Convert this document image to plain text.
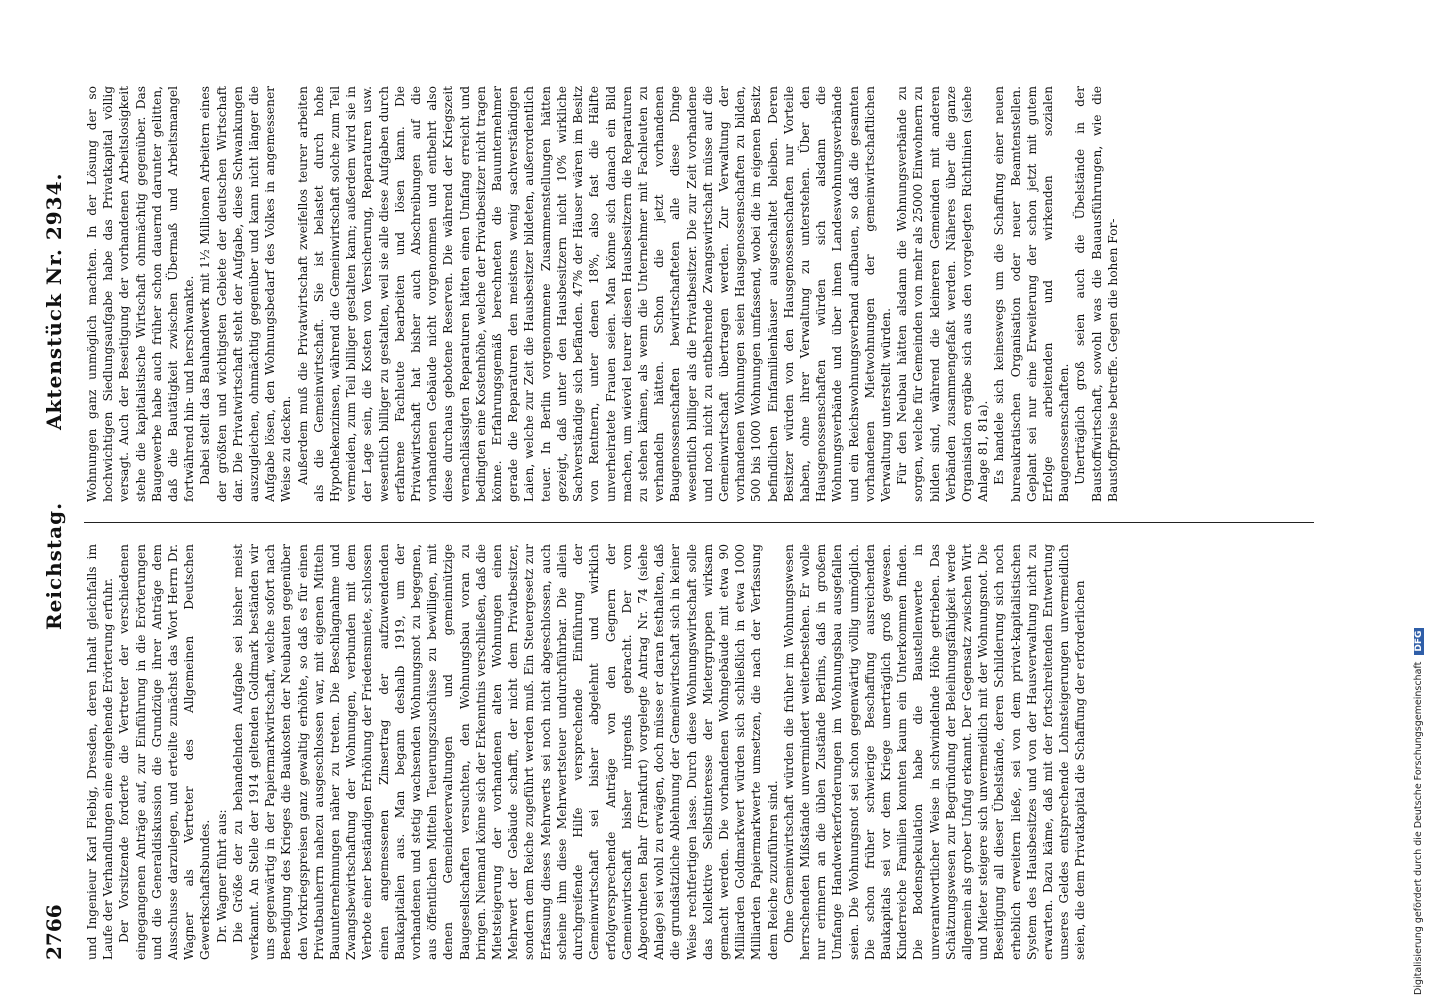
2766
Reichstag.
Aktenstück Nr. 2934.

und Ingenieur Karl Fiebig, Dresden, deren Inhalt gleichfalls im Laufe der Verhandlungen eine eingehende Erörterung erfuhr. Der Vorsitzende forderte die Vertreter der verschiedenen eingegangenen Anträge auf, zur Einführung in die Erörterungen und die Generaldiskussion die Grundzüge ihrer Anträge dem Ausschusse darzulegen, und erteilte zunächst das Wort Herrn Dr. Wagner als Vertreter des Allgemeinen Deutschen Gewerkschaftsbundes. Dr. Wagner führt aus: Die Größe der zu behandelnden Aufgabe sei bisher meist verkannt. An Stelle der 1914 geltenden Goldmark beständen wir uns gegenwärtig in der Papiermarkwirtschaft, welche sofort nach Beendigung des Krieges die Baukosten der Neubauten gegenüber den Vorkriegspreisen ganz gewaltig erhöhte, so daß es für einen Privatbauherrn nahezu ausgeschlossen war, mit eigenen Mitteln Bauunternehmungen näher zu treten. Die Beschlagnahme und Zwangsbewirtschaftung der Wohnungen, verbunden mit dem Verbote einer beständigen Erhöhung der Friedensmiete, schlossen einen angemessenen Zinsertrag der aufzuwendenden Baukapitalien aus. Man begann deshalb 1919, um der vorhandenen und stetig wachsenden Wohnungsnot zu begegnen, aus öffentlichen Mitteln Teuerungszuschüsse zu bewilligen, mit denen Gemeindeverwaltungen und gemeinnützige Baugesellschaften versuchten, den Wohnungsbau voran zu bringen. Niemand könne sich der Erkenntnis verschließen, daß die Mietsteigerung der vorhandenen alten Wohnungen einen Mehrwert der Gebäude schafft, der nicht dem Privatbesitzer, sondern dem Reiche zugeführt werden muß. Ein Steuergesetz zur Erfassung dieses Mehrwerts sei noch nicht abgeschlossen, auch scheine ihm diese Mehrwertsteuer undurchführbar. Die allein durchgreifende Hilfe versprechende Einführung der Gemeinwirtschaft sei bisher abgelehnt und wirklich erfolgversprechende Anträge von den Gegnern der Gemeinwirtschaft bisher nirgends gebracht. Der vom Abgeordneten Bahr (Frankfurt) vorgelegte Antrag Nr. 74 (siehe Anlage) sei wohl zu erwägen, doch müsse er daran festhalten, daß die grundsätzliche Ablehnung der Gemeinwirtschaft sich in keiner Weise rechtfertigen lasse. Durch diese Wohnungswirtschaft solle das kollektive Selbstinteresse der Mietergruppen wirksam gemacht werden. Die vorhandenen Wohngebäude mit etwa 90 Milliarden Goldmarkwert würden sich schließlich in etwa 1000 Milliarden Papiermarkwerte umsetzen, die nach der Verfassung dem Reiche zuzuführen sind. Ohne Gemeinwirtschaft würden die früher im Wohnungswesen herrschenden Mißstände unvermindert weiterbestehen. Er wolle nur erinnern an die üblen Zustände Berlins, daß in großem Umfange Handwerkerforderungen im Wohnungsbau ausgefallen seien. Die Wohnungsnot sei schon gegenwärtig völlig unmöglich. Die schon früher schwierige Beschaffung ausreichenden Baukapitals sei vor dem Kriege unerträglich groß gewesen. Kinderreiche Familien konnten kaum ein Unterkommen finden. Die Bodenspekulation habe die Baustellenwerte in unverantwortlicher Weise in schwindelnde Höhe getrieben. Das Schätzungswesen zur Begründung der Beleihungsfähigkeit werde allgemein als grober Unfug erkannt. Der Gegensatz zwischen Wirt und Mieter steigere sich unvermeidlich mit der Wohnungsnot. Die Beseitigung all dieser Übelstände, deren Schilderung sich noch erheblich erweitern ließe, sei von dem privat-kapitalistischen System des Hausbesitzes und von der Hausverwaltung nicht zu erwarten. Dazu käme, daß mit der fortschreitenden Entwertung unseres Geldes entsprechende Lohnsteigerungen unvermeidlich seien, die dem Privatkapital die Schaffung der erforderlichen

Wohnungen ganz unmöglich machten. In der Lösung der so hochwichtigen Siedlungsaufgabe habe das Privatkapital völlig versagt. Auch der Beseitigung der vorhandenen Arbeitslosigkeit stehe die kapitalistische Wirtschaft ohnmächtig gegenüber. Das Baugewerbe habe auch früher schon dauernd darunter gelitten, daß die Bautätigkeit zwischen Übermaß und Arbeitsmangel fortwährend hin- und herschwankte. Dabei stellt das Bauhandwerk mit 1½ Millionen Arbeitern eines der größten und wichtigsten Gebiete der deutschen Wirtschaft dar. Die Privatwirtschaft steht der Aufgabe, diese Schwankungen auszugleichen, ohnmächtig gegenüber und kann nicht länger die Aufgabe lösen, den Wohnungsbedarf des Volkes in angemessener Weise zu decken. Außerdem muß die Privatwirtschaft zweifellos teurer arbeiten als die Gemeinwirtschaft. Sie ist belastet durch hohe Hypothekenzinsen, während die Gemeinwirtschaft solche zum Teil vermeiden, zum Teil billiger gestalten kann; außerdem wird sie in der Lage sein, die Kosten von Versicherung, Reparaturen usw. wesentlich billiger zu gestalten, weil sie alle diese Aufgaben durch erfahrene Fachleute bearbeiten und lösen kann. Die Privatwirtschaft hat bisher auch Abschreibungen auf die vorhandenen Gebäude nicht vorgenommen und entbehrt also diese durchaus gebotene Reserven. Die während der Kriegszeit vernachlässigten Reparaturen hätten einen Umfang erreicht und bedingten eine Kostenhöhe, welche der Privatbesitzer nicht tragen könne. Erfahrungsgemäß berechneten die Bauunternehmer gerade die Reparaturen den meistens wenig sachverständigen Laien, welche zur Zeit die Hausbesitzer bildeten, außerordentlich teuer. In Berlin vorgenommene Zusammenstellungen hätten gezeigt, daß unter den Hausbesitzern nicht 10% wirkliche Sachverständige sich befänden. 47% der Häuser wären im Besitz von Rentnern, unter denen 18%, also fast die Hälfte unverheiratete Frauen seien. Man könne sich danach ein Bild machen, um wieviel teurer diesen Hausbesitzern die Reparaturen zu stehen kämen, als wenn die Unternehmer mit Fachleuten zu verhandeln hätten. Schon die jetzt vorhandenen Baugenossenschaften bewirtschafteten alle diese Dinge wesentlich billiger als die Privatbesitzer. Die zur Zeit vorhandene und noch nicht zu entbehrende Zwangswirtschaft müsse auf die Gemeinwirtschaft übertragen werden. Zur Verwaltung der vorhandenen Wohnungen seien Hausgenossenschaften zu bilden, 500 bis 1000 Wohnungen umfassend, wobei die im eigenen Besitz befindlichen Einfamilienhäuser ausgeschaltet bleiben. Deren Besitzer würden von den Hausgenossenschaften nur Vorteile haben, ohne ihrer Verwaltung zu unterstehen. Über den Hausgenossenschaften würden sich alsdann die Wohnungsverbände und über ihnen Landeswohnungsverbände und ein Reichswohnungsverband aufbauen, so daß die gesamten vorhandenen Mietwohnungen der gemeinwirtschaftlichen Verwaltung unterstellt würden. Für den Neubau hätten alsdann die Wohnungsverbände zu sorgen, welche für Gemeinden von mehr als 25000 Einwohnern zu bilden sind, während die kleineren Gemeinden mit anderen Verbänden zusammengefaßt werden. Näheres über die ganze Organisation ergäbe sich aus den vorgelegten Richtlinien (siehe Anlage 81, 81a). Es handele sich keineswegs um die Schaffung einer neuen bureaukratischen Organisation oder neuer Beamtenstellen. Geplant sei nur eine Erweiterung der schon jetzt mit gutem Erfolge arbeitenden und wirkenden sozialen Baugenossenschaften. Unerträglich groß seien auch die Übelstände in der Baustoffwirtschaft, sowohl was die Bauausführungen, wie die Baustoffpreise betreffe. Gegen die hohen For-

Digitalisierung gefördert durch die Deutsche Forschungsgemeinschaft DFG
